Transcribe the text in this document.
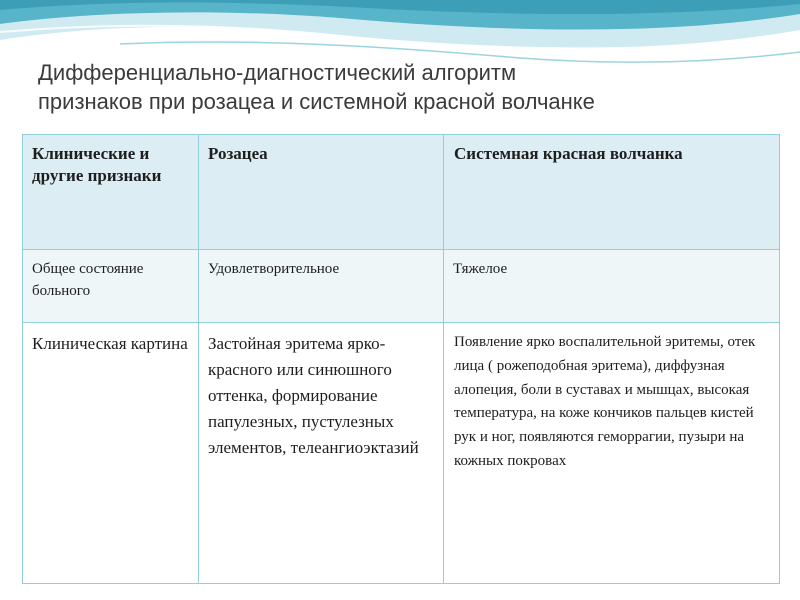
Дифференциально-диагностический алгоритм
признаков при розацеа и системной красной волчанке
Клинические и другие признаки	Розацеа	Системная красная волчанка
Общее состояние больного	Удовлетворительное	Тяжелое
Клиническая картина	Застойная эритема ярко-красного или синюшного оттенка, формирование папулезных, пустулезных элементов, телеангиоэктазий	Появление ярко воспалительной эритемы, отек лица ( рожеподобная эритема), диффузная алопеция, боли в суставах и мышцах, высокая температура, на коже кончиков пальцев кистей рук и ног, появляются геморрагии, пузыри на кожных покровах
